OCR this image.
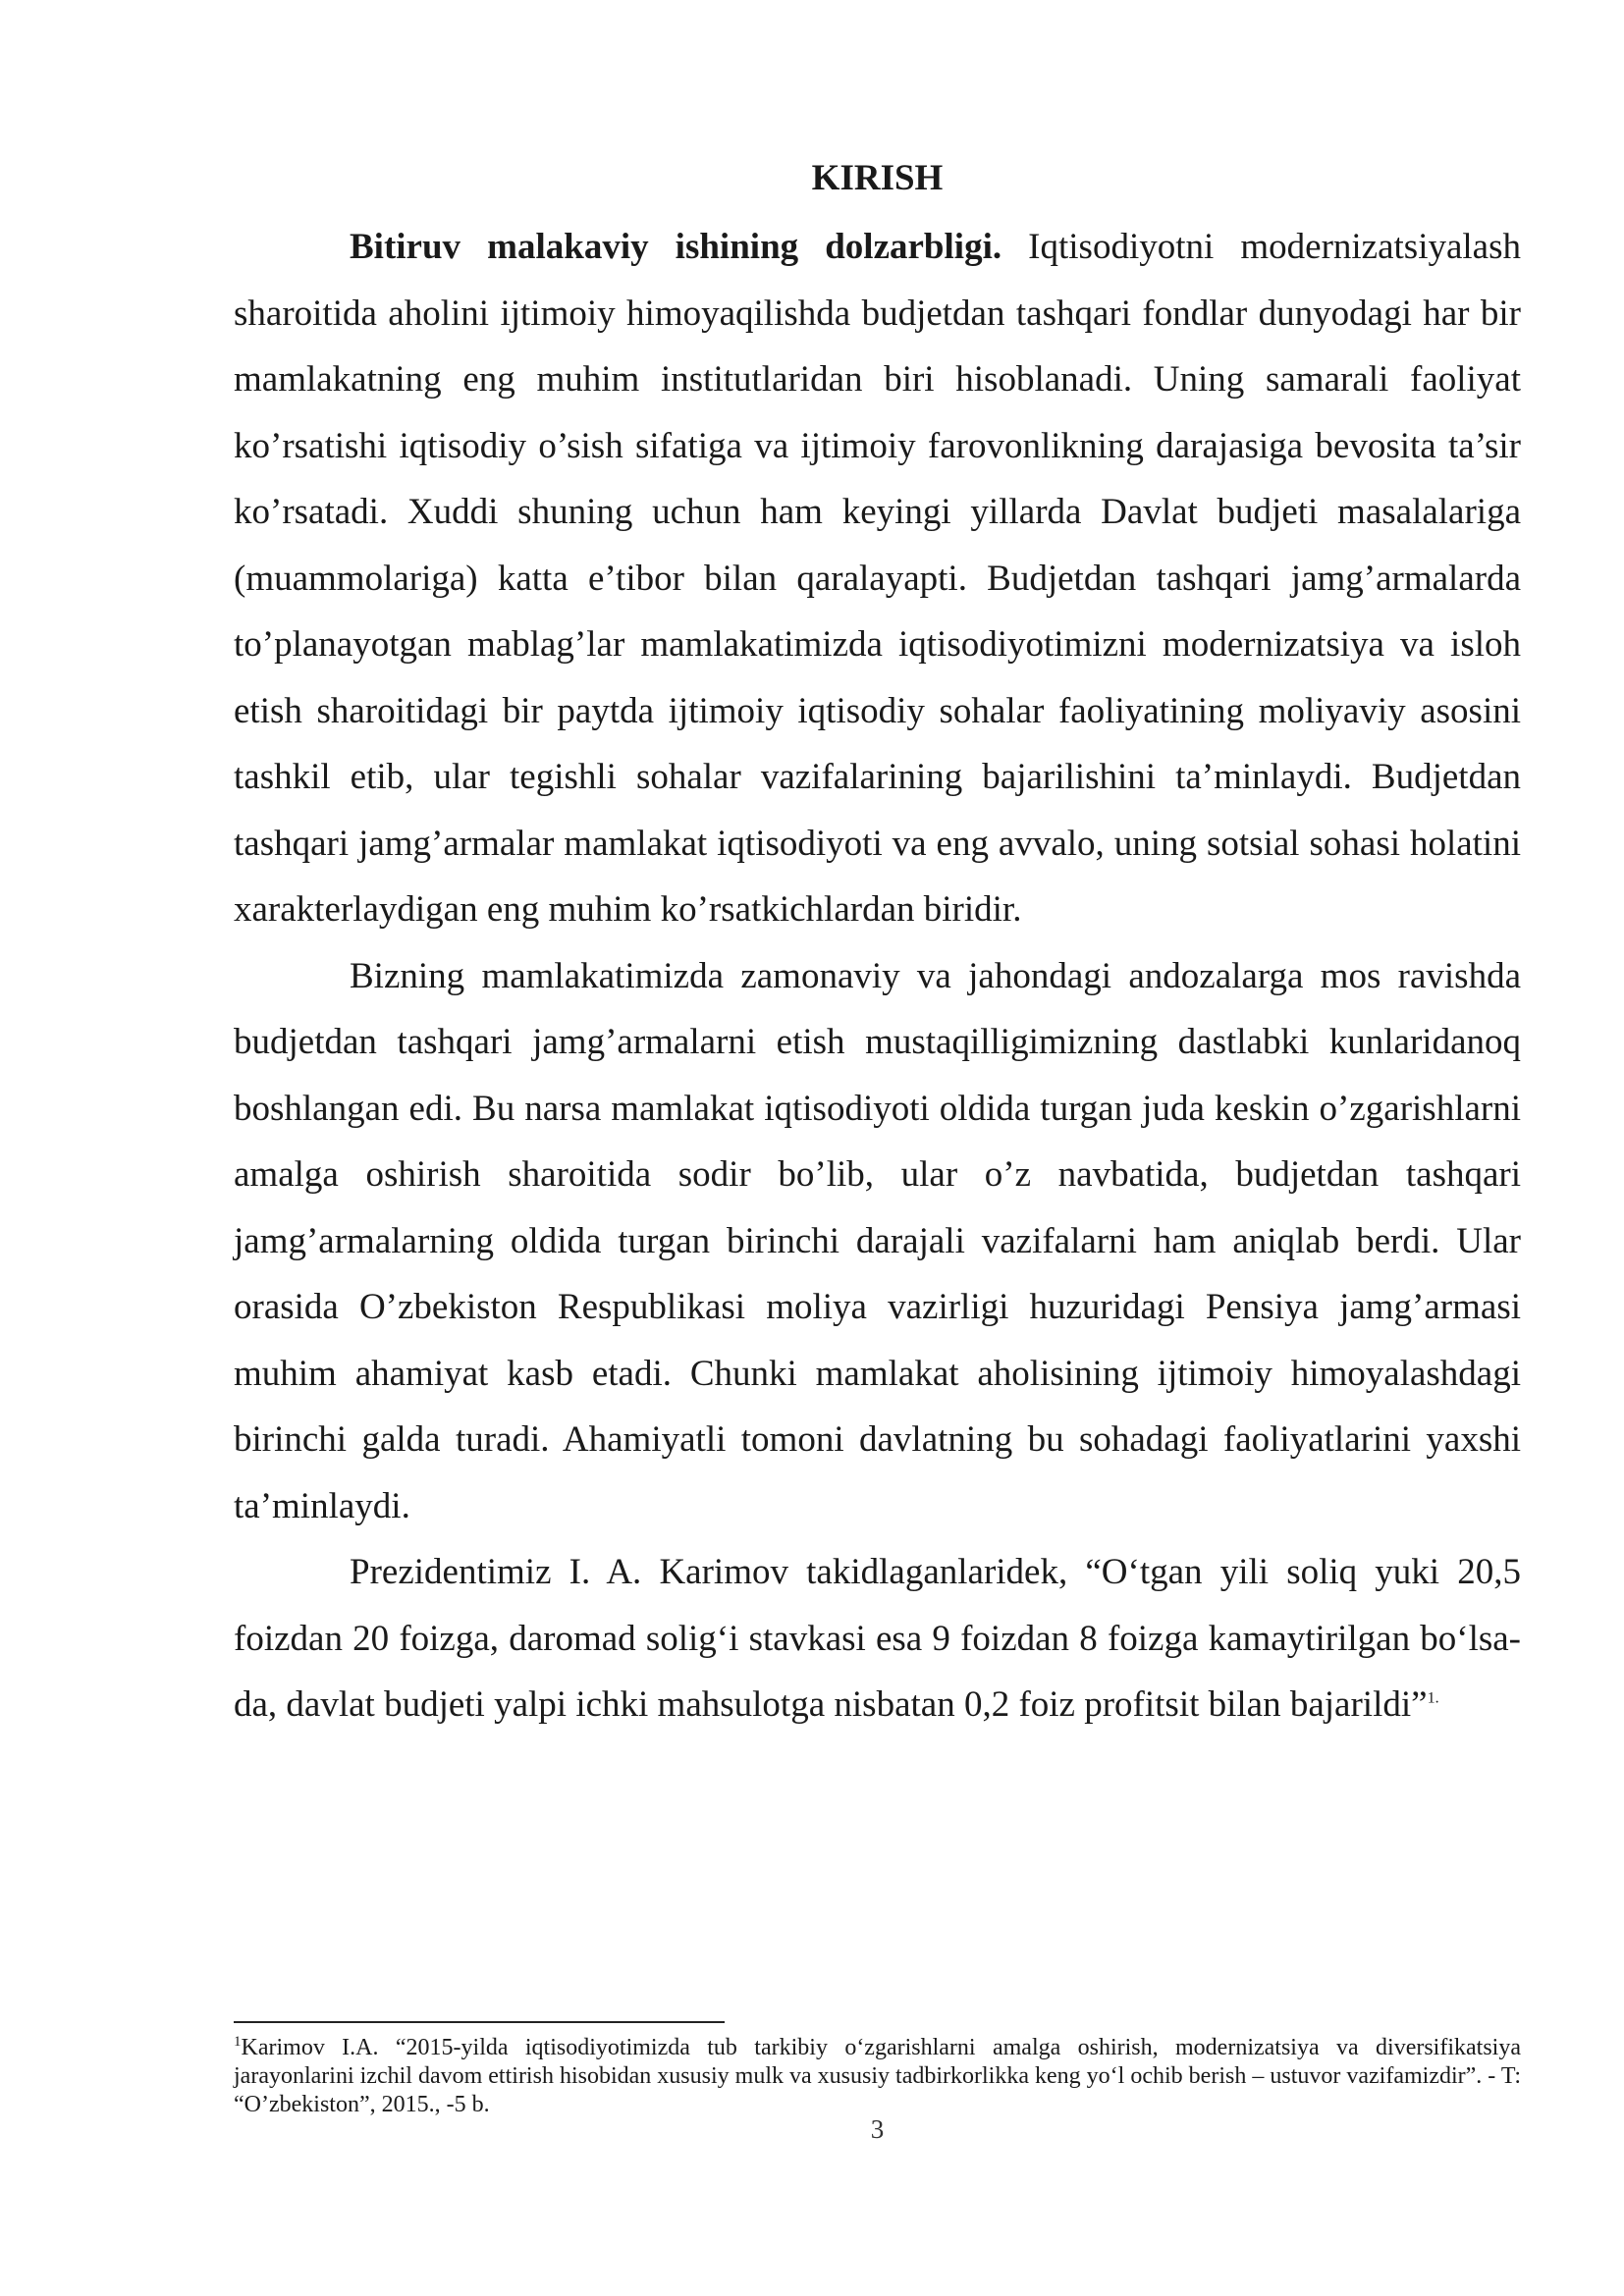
KIRISH

Bitiruv malakaviy ishining dolzarbligi. Iqtisodiyotni modernizatsiyalash sharoitida aholini ijtimoiy himoyaqilishda budjetdan tashqari fondlar dunyodagi har bir mamlakatning eng muhim institutlaridan biri hisoblanadi. Uning samarali faoliyat ko’rsatishi iqtisodiy o’sish sifatiga va ijtimoiy farovonlikning darajasiga bevosita ta’sir ko’rsatadi. Xuddi shuning uchun ham keyingi yillarda Davlat budjeti masalalariga (muammolariga) katta e’tibor bilan qaralayapti. Budjetdan tashqari jamg’armalarda to’planayotgan mablag’lar mamlakatimizda iqtisodiyotimizni modernizatsiya va isloh etish sharoitidagi bir paytda ijtimoiy iqtisodiy sohalar faoliyatining moliyaviy asosini tashkil etib, ular tegishli sohalar vazifalarining bajarilishini ta’minlaydi. Budjetdan tashqari jamg’armalar mamlakat iqtisodiyoti va eng avvalo, uning sotsial sohasi holatini xarakterlaydigan eng muhim ko’rsatkichlardan biridir.

Bizning mamlakatimizda zamonaviy va jahondagi andozalarga mos ravishda budjetdan tashqari jamg’armalarni etish mustaqilligimizning dastlabki kunlaridanoq boshlangan edi. Bu narsa mamlakat iqtisodiyoti oldida turgan juda keskin o’zgarishlarni amalga oshirish sharoitida sodir bo’lib, ular o’z navbatida, budjetdan tashqari jamg’armalarning oldida turgan birinchi darajali vazifalarni ham aniqlab berdi. Ular orasida O’zbekiston Respublikasi moliya vazirligi huzuridagi Pensiya jamg’armasi muhim ahamiyat kasb etadi. Chunki mamlakat aholisining ijtimoiy himoyalashdagi birinchi galda turadi. Ahamiyatli tomoni davlatning bu sohadagi faoliyatlarini yaxshi ta’minlaydi.

Prezidentimiz I. A. Karimov takidlaganlaridek, “O‘tgan yili soliq yuki 20,5 foizdan 20 foizga, daromad solig‘i stavkasi esa 9 foizdan 8 foizga kamaytirilgan bo‘lsa-da, davlat budjeti yalpi ichki mahsulotga nisbatan 0,2 foiz profitsit bilan bajarildi”$^{1.}$

$^1$Karimov I.A. “2015-yilda iqtisodiyotimizda tub tarkibiy o‘zgarishlarni amalga oshirish, modernizatsiya va diversifikatsiya jarayonlarini izchil davom ettirish hisobidan xususiy mulk va xususiy tadbirkorlikka keng yo‘l ochib berish – ustuvor vazifamizdir”. - T: “O’zbekiston”, 2015., -5 b.

3
